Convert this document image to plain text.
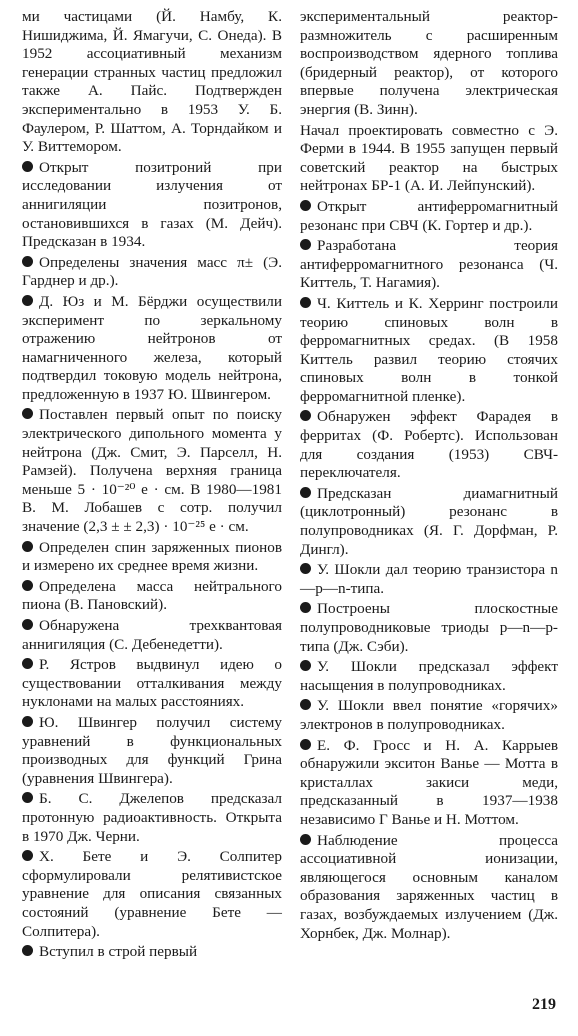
ми частицами (Й. Намбу, К. Нишиджима, Й. Ямагучи, С. Онеда). В 1952 ассоциативный механизм генерации странных частиц предложил также А. Пайс. Подтвержден экспериментально в 1953 У. Б. Фаулером, Р. Шаттом, А. Торндайком и У. Виттемором.

Открыт позитроний при исследовании излучения от аннигиляции позитронов, остановившихся в газах (М. Дейч). Предсказан в 1934.

Определены значения масс π± (Э. Гарднер и др.).

Д. Юз и М. Бёрджи осуществили эксперимент по зеркальному отражению нейтронов от намагниченного железа, который подтвердил токовую модель нейтрона, предложенную в 1937 Ю. Швингером.

Поставлен первый опыт по поиску электрического дипольного момента у нейтрона (Дж. Смит, Э. Парселл, Н. Рамзей). Получена верхняя граница меньше 5 · 10⁻²⁰ е · см. В 1980—1981 В. М. Лобашев с сотр. получил значение (2,3 ± ± 2,3) · 10⁻²⁵ е · см.

Определен спин заряженных пионов и измерено их среднее время жизни.

Определена масса нейтрального пиона (В. Пановский).

Обнаружена трехквантовая аннигиляция (С. Дебенедетти).

Р. Ястров выдвинул идею о существовании отталкивания между нуклонами на малых расстояниях.

Ю. Швингер получил систему уравнений в функциональных производных для функций Грина (уравнения Швингера).

Б. С. Джелепов предсказал протонную радиоактивность. Открыта в 1970 Дж. Черни.

Х. Бете и Э. Солпитер сформулировали релятивистское уравнение для описания связанных состояний (уравнение Бете — Солпитера).

Вступил в строй первый

экспериментальный реактор-размножитель с расширенным воспроизводством ядерного топлива (бридерный реактор), от которого впервые получена электрическая энергия (В. Зинн).

Начал проектировать совместно с Э. Ферми в 1944. В 1955 запущен первый советский реактор на быстрых нейтронах БР-1 (А. И. Лейпунский).

Открыт антиферромагнитный резонанс при СВЧ (К. Гортер и др.).

Разработана теория антиферромагнитного резонанса (Ч. Киттель, Т. Нагамия).

Ч. Киттель и К. Херринг построили теорию спиновых волн в ферромагнитных средах. (В 1958 Киттель развил теорию стоячих спиновых волн в тонкой ферромагнитной пленке).

Обнаружен эффект Фарадея в ферритах (Ф. Робертс). Использован для создания (1953) СВЧ-переключателя.

Предсказан диамагнитный (циклотронный) резонанс в полупроводниках (Я. Г. Дорфман, Р. Дингл).

У. Шокли дал теорию транзистора n—p—n-типа.

Построены плоскостные полупроводниковые триоды p—n—p-типа (Дж. Сэби).

У. Шокли предсказал эффект насыщения в полупроводниках.

У. Шокли ввел понятие «горячих» электронов в полупроводниках.

Е. Ф. Гросс и Н. А. Каррыев обнаружили экситон Ванье — Мотта в кристаллах закиси меди, предсказанный в 1937—1938 независимо Г Ванье и Н. Моттом.

Наблюдение процесса ассоциативной ионизации, являющегося основным каналом образования заряженных частиц в газах, возбуждаемых излучением (Дж. Хорнбек, Дж. Молнар).

219
